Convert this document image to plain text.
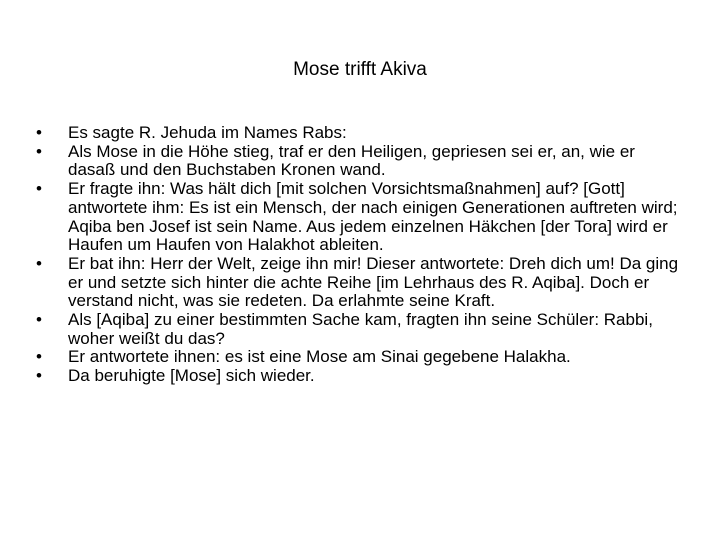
Mose trifft Akiva
•	Es sagte R. Jehuda im Names Rabs:
•	Als Mose in die Höhe stieg, traf er den Heiligen, gepriesen sei er, an, wie er dasaß und den Buchstaben Kronen wand.
•	Er fragte ihn: Was hält dich [mit solchen Vorsichtsmaßnahmen] auf? [Gott] antwortete ihm: Es ist ein Mensch, der nach einigen Generationen auftreten wird; Aqiba ben Josef ist sein Name. Aus jedem einzelnen Häkchen [der Tora] wird er Haufen um Haufen von Halakhot ableiten.
•	Er bat ihn: Herr der Welt, zeige ihn mir! Dieser antwortete: Dreh dich um! Da ging er und setzte sich hinter die achte Reihe [im Lehrhaus des R. Aqiba]. Doch er verstand nicht, was sie redeten. Da erlahmte seine Kraft.
•	Als [Aqiba] zu einer bestimmten Sache kam, fragten ihn seine Schüler: Rabbi, woher weißt du das?
•	Er antwortete ihnen: es ist eine Mose am Sinai gegebene Halakha.
•	Da beruhigte [Mose] sich wieder.
